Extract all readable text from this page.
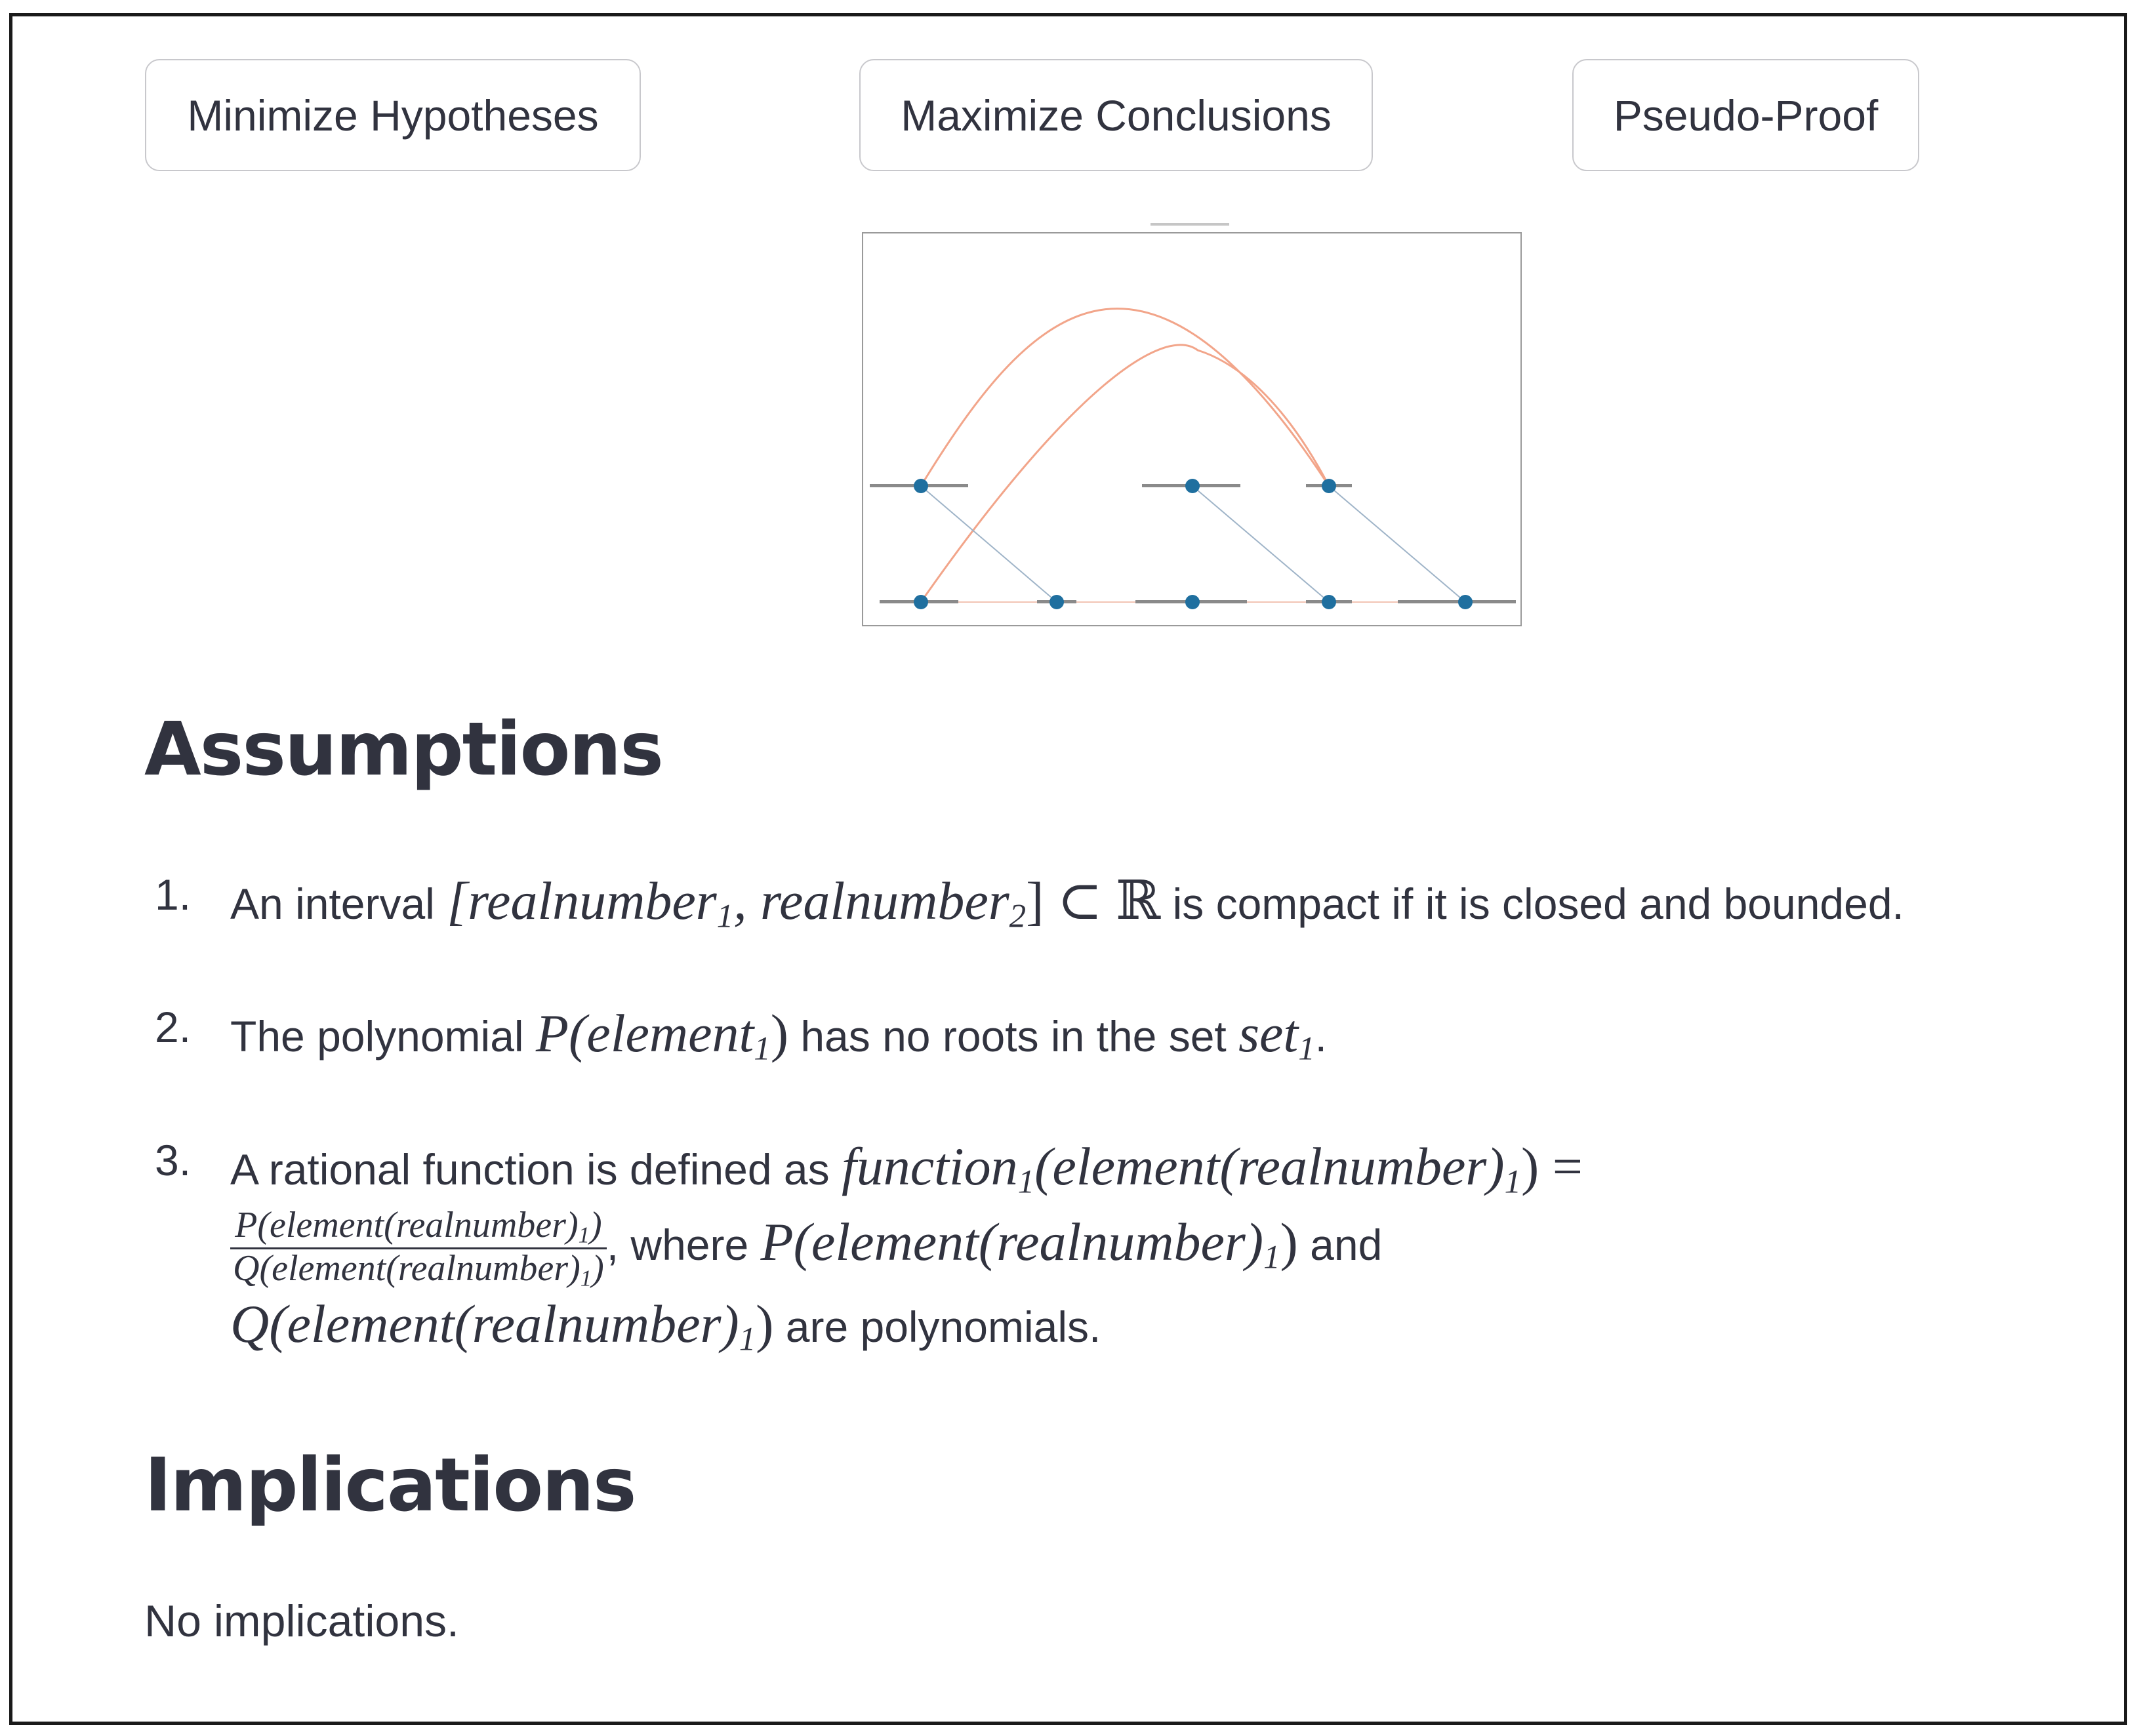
Minimize Hypotheses	Maximize Conclusions	Pseudo-Proof
Assumptions
1. An interval [realnumber$_1$, realnumber$_2$] ⊂ ℝ is compact if it is closed and bounded.
2. The polynomial P(element$_1$) has no roots in the set set$_1$.
3. A rational function is defined as $function_1(element(realnumber)_1)$ =
$\frac{P(element(realnumber)_1)}{Q(element(realnumber)_1)}$ , where $P(element(realnumber)_1)$ and
$Q(element(realnumber)_1)$ are polynomials.
Implications
No implications.
